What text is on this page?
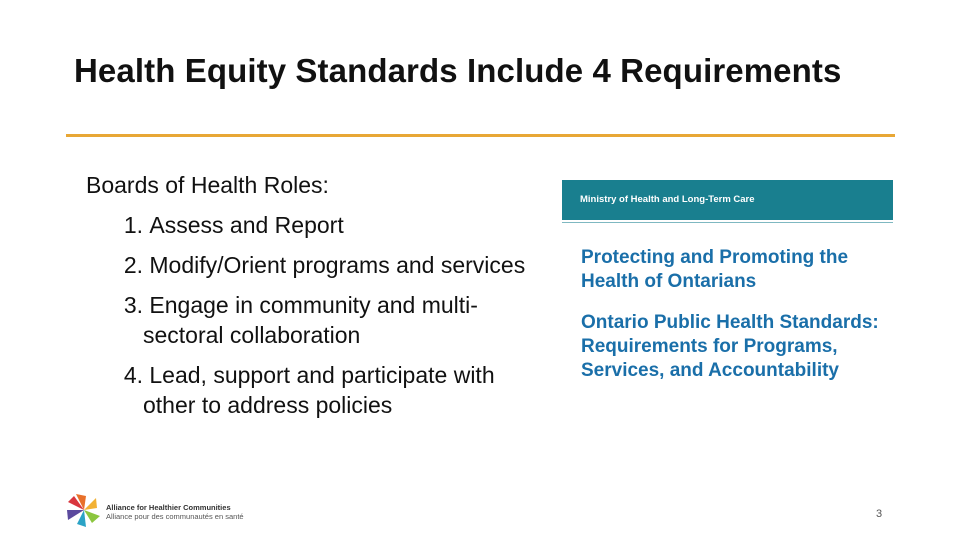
Health Equity Standards Include 4 Requirements
Boards of Health Roles:
1. Assess and Report
2. Modify/Orient programs and services
3. Engage in community and multi-sectoral collaboration
4. Lead, support and participate with other to address policies
Ministry of Health and Long-Term Care
Protecting and Promoting the Health of Ontarians
Ontario Public Health Standards: Requirements for Programs, Services, and Accountability
Alliance for Healthier Communities
Alliance pour des communautés en santé	3
